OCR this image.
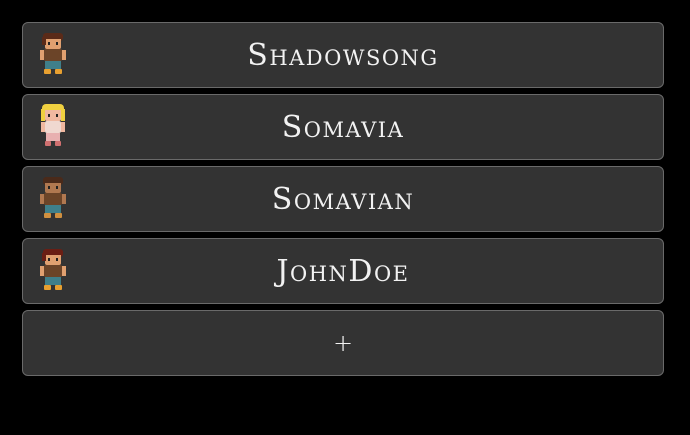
Shadowsong
Somavia
Somavian
JohnDoe
+
